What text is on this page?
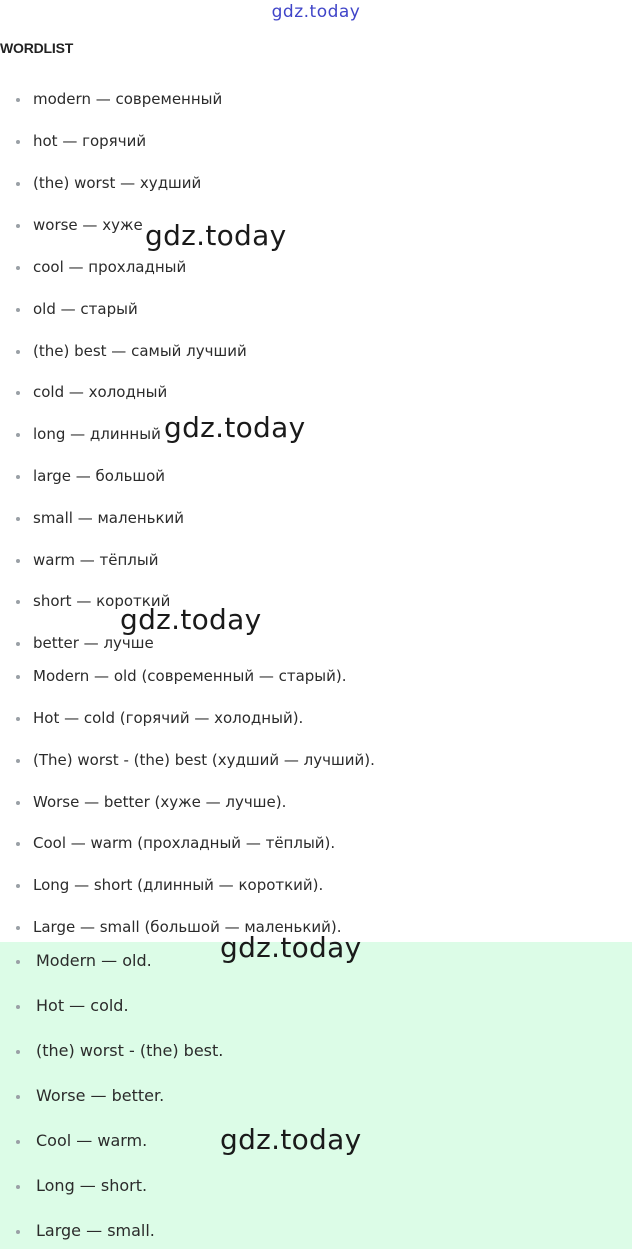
gdz.today
WORDLIST
modern — современный
hot — горячий
(the) worst — худший
worse — хуже
cool — прохладный
old — старый
(the) best — самый лучший
cold — холодный
long — длинный
large — большой
small — маленький
warm — тёплый
short — короткий
better — лучше
Modern — old (современный — старый).
Hot — cold (горячий — холодный).
(The) worst - (the) best (худший — лучший).
Worse — better (хуже — лучше).
Cool — warm (прохладный — тёплый).
Long — short (длинный — короткий).
Large — small (большой — маленький).
Modern — old.
Hot — cold.
(the) worst - (the) best.
Worse — better.
Cool — warm.
Long — short.
Large — small.
gdz.today
gdz.today
gdz.today
gdz.today
gdz.today
